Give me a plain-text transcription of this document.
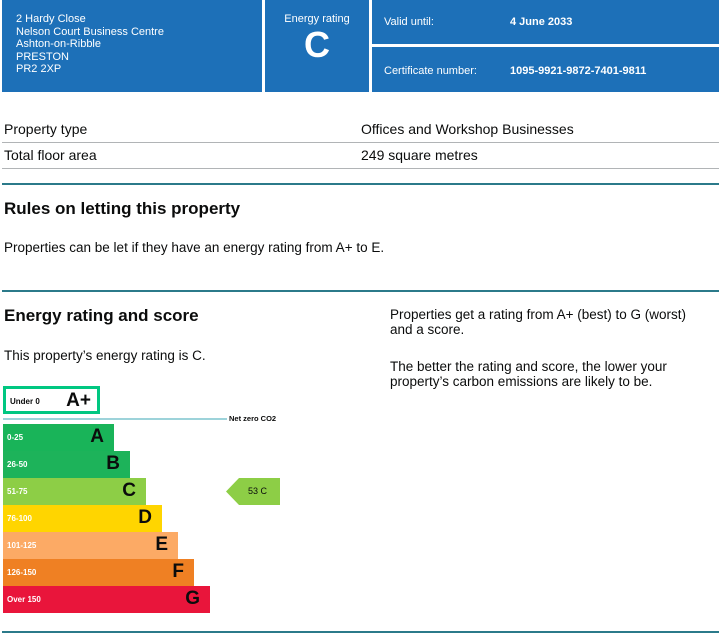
2 Hardy Close
Nelson Court Business Centre
Ashton-on-Ribble
PRESTON
PR2 2XP
Energy rating
C
Valid until:	4 June 2033
Certificate number:	1095-9921-9872-7401-9811
Property type	Offices and Workshop Businesses
Total floor area	249 square metres
Rules on letting this property
Properties can be let if they have an energy rating from A+ to E.
Energy rating and score
This property’s energy rating is C.
Properties get a rating from A+ (best) to G (worst)
and a score.
The better the rating and score, the lower your
property’s carbon emissions are likely to be.
Under 0 A+
Net zero CO2
0-25	A
26-50	B
51-75	C
76-100	D
101-125	E
126-150	F
Over 150	G
53 C
